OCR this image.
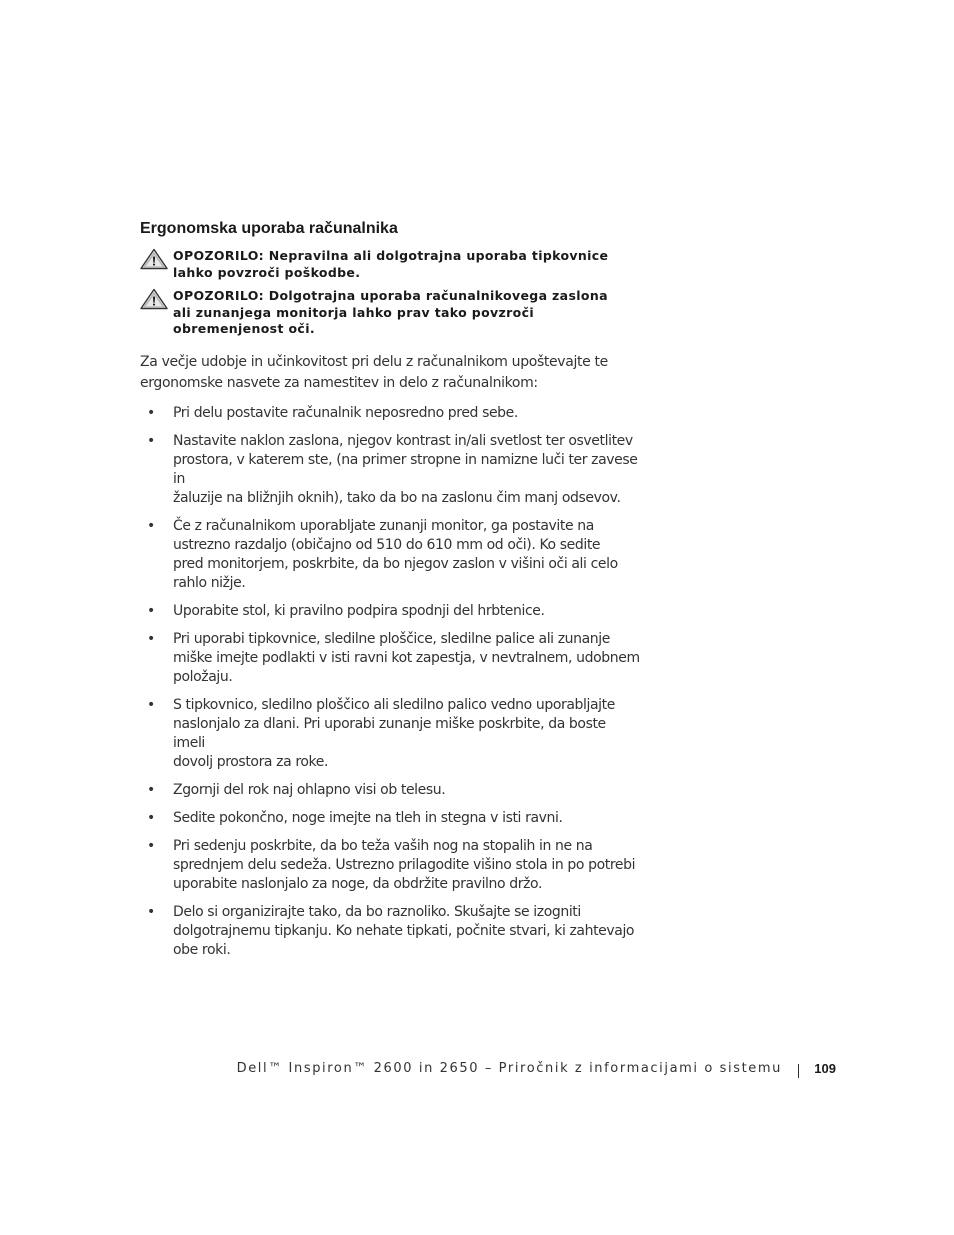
Ergonomska uporaba računalnika
OPOZORILO: Nepravilna ali dolgotrajna uporaba tipkovnice
lahko povzroči poškodbe.
OPOZORILO: Dolgotrajna uporaba računalnikovega zaslona
ali zunanjega monitorja lahko prav tako povzroči
obremenjenost oči.
Za večje udobje in učinkovitost pri delu z računalnikom upoštevajte te
ergonomske nasvete za namestitev in delo z računalnikom:
• Pri delu postavite računalnik neposredno pred sebe.
• Nastavite naklon zaslona, njegov kontrast in/ali svetlost ter osvetlitev
prostora, v katerem ste, (na primer stropne in namizne luči ter zavese in
žaluzije na bližnjih oknih), tako da bo na zaslonu čim manj odsevov.
• Če z računalnikom uporabljate zunanji monitor, ga postavite na
ustrezno razdaljo (običajno od 510 do 610 mm od oči). Ko sedite
pred monitorjem, poskrbite, da bo njegov zaslon v višini oči ali celo
rahlo nižje.
• Uporabite stol, ki pravilno podpira spodnji del hrbtenice.
• Pri uporabi tipkovnice, sledilne ploščice, sledilne palice ali zunanje
miške imejte podlakti v isti ravni kot zapestja, v nevtralnem, udobnem
položaju.
• S tipkovnico, sledilno ploščico ali sledilno palico vedno uporabljajte
naslonjalo za dlani. Pri uporabi zunanje miške poskrbite, da boste imeli
dovolj prostora za roke.
• Zgornji del rok naj ohlapno visi ob telesu.
• Sedite pokončno, noge imejte na tleh in stegna v isti ravni.
• Pri sedenju poskrbite, da bo teža vaših nog na stopalih in ne na
sprednjem delu sedeža. Ustrezno prilagodite višino stola in po potrebi
uporabite naslonjalo za noge, da obdržite pravilno držo.
• Delo si organizirajte tako, da bo raznoliko. Skušajte se izogniti
dolgotrajnemu tipkanju. Ko nehate tipkati, počnite stvari, ki zahtevajo
obe roki.
Dell™ Inspiron™ 2600 in 2650 – Priročnik z informacijami o sistemu 109
